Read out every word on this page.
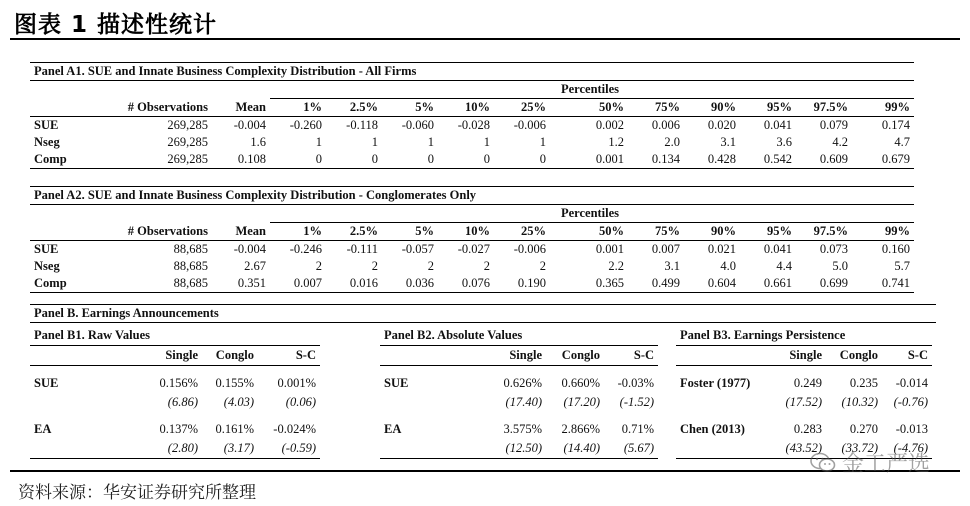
图表 1 描述性统计
Panel A1. SUE and Innate Business Complexity Distribution - All Firms
			Percentiles										
	# Observations	Mean	1%	2.5%	5%	10%	25%	50%	75%	90%	95%	97.5%	99%
SUE	269,285	-0.004	-0.260	-0.118	-0.060	-0.028	-0.006	0.002	0.006	0.020	0.041	0.079	0.174
Nseg	269,285	1.6	1	1	1	1	1	1.2	2.0	3.1	3.6	4.2	4.7
Comp	269,285	0.108	0	0	0	0	0	0.001	0.134	0.428	0.542	0.609	0.679
Panel A2. SUE and Innate Business Complexity Distribution - Conglomerates Only
			Percentiles										
	# Observations	Mean	1%	2.5%	5%	10%	25%	50%	75%	90%	95%	97.5%	99%
SUE	88,685	-0.004	-0.246	-0.111	-0.057	-0.027	-0.006	0.001	0.007	0.021	0.041	0.073	0.160
Nseg	88,685	2.67	2	2	2	2	2	2.2	3.1	4.0	4.4	5.0	5.7
Comp	88,685	0.351	0.007	0.016	0.036	0.076	0.190	0.365	0.499	0.604	0.661	0.699	0.741
Panel B. Earnings Announcements
Panel B1. Raw Values			
	Single	Conglo	S-C

SUE	0.156%	0.155%	0.001%
	(6.86)	(4.03)	(0.06)

EA	0.137%	0.161%	-0.024%
	(2.80)	(3.17)	(-0.59)
Panel B2. Absolute Values			
	Single	Conglo	S-C

SUE	0.626%	0.660%	-0.03%
	(17.40)	(17.20)	(-1.52)

EA	3.575%	2.866%	0.71%
	(12.50)	(14.40)	(5.67)
Panel B3. Earnings Persistence			
	Single	Conglo	S-C

Foster (1977)	0.249	0.235	-0.014
	(17.52)	(10.32)	(-0.76)

Chen (2013)	0.283	0.270	-0.013
	(43.52)	(33.72)	(-4.76)
资料来源：华安证券研究所整理
金工严选
